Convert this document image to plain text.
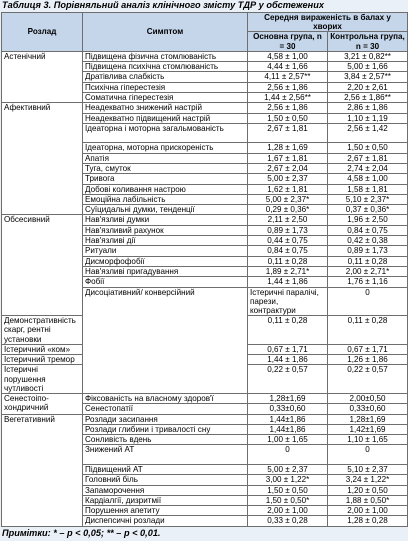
Таблиця 3. Порівняльний аналіз клінічного змісту ТДР у обстежених
Розлад	Симптом	Середня вираженість в балах у хворих		
		Основна група, n = 30	Контрольна група, n = 30	
Астенічний	Підвищена фізична стомлюваність	4,58 ± 1,00	3,21 ± 0,82**	
	Підвищена психічна стомлюваність	4,44 ± 1,66	5,00 ± 1,66	
	Дратівлива слабкість	4,11 ± 2,57**	3,84 ± 2,57**	
	Психічна гіперестезія	2,56 ± 1,86	2,20 ± 2,61	
	Соматична гіперестезія	1,44 ± 2,56**	2,56 ± 1,86**	
Афективний	Неадекватно знижений настрій	2,56 ± 1,86	2,86 ± 1,86	
	Неадекватно підвищений настрій	1,50 ± 0,50	1,10 ± 1,19	
	Ідеаторна і моторна загальмованість	2,67 ± 1,81	2,56 ± 1,42	
	Ідеаторна, моторна прискореність	1,28 ± 1,69	1,50 ± 0,50	
	Апатія	1,67 ± 1,81	2,67 ± 1,81	
	Туга, смуток	2,67 ± 2,04	2,74 ± 2,04	
	Тривога	5,00 ± 2,37	4,58 ± 1,00	
	Добові коливання настрою	1,62 ± 1,81	1,58 ± 1,81	
	Емоційна лабільність	5,00 ± 2,37*	5,10 ± 2,37*	
	Суїцидальні думки, тенденції	0,29 ± 0,36*	0,37 ± 0,36*	
Обсесивний	Нав'язливі думки	2,11 ± 2,50	1,96 ± 2,50	
	Нав'язливий рахунок	0,89 ± 1,73	0,84 ± 0,75	
	Нав'язливі дії	0,44 ± 0,75	0,42 ± 0,38	
	Ритуали	0,84 ± 0,75	0,89 ± 1,73	
	Дисморфофобії	0,11 ± 0,28	0,11 ± 0,28	
	Нав'язливі пригадування	1,89 ± 2,71*	2,00 ± 2,71*	
	Фобії	1,44 ± 1,86	1,76 ± 1,16	
	Дисоціативний/ конверсійний	Істеричні паралічі, парези, контрактури	0	
Демонстративність скарг, рентні установки		0,11 ± 0,28	0,11 ± 0,28	
Істеричний «ком»		0,67 ± 1,71	0,67 ± 1,71	
Істеричний тремор		1,44 ± 1,86	1,26 ± 1,86	
Істеричні порушення чутливості		0,22 ± 0,57	0,22 ± 0,57	
Сенестоіпо-хондричний	Фіксованість на власному здоров'ї	1,28±1,69	2,00±0,50	
	Сенестопатії	0,33±0,60	0,33±0,60	
Вегетативний	Розлади засипання	1,44±1,86	1,28±1,69	
	Розлади глибини і тривалості сну	1,44±1,86	1,42±1,69	
	Сонливість вдень	1,00 ± 1,65	1,10 ± 1,65	
	Знижений АТ	0	0	
	Підвищений АТ	5,00 ± 2,37	5,10 ± 2,37	
	Головний біль	3,00 ± 1,22*	3,24 ± 1,22*	
	Запаморочення	1,50 ± 0,50	1,20 ± 0,50	
	Кардіалгії, дизритмії	1,50 ± 0,50*	1,88 ± 0,50*	
	Порушення апетиту	2,00 ± 1,00	2,00 ± 1,00	
	Диспепсичні розлади	0,33 ± 0,28	1,28 ± 0,28	
Примітки: * – р < 0,05; ** – р < 0,01.
